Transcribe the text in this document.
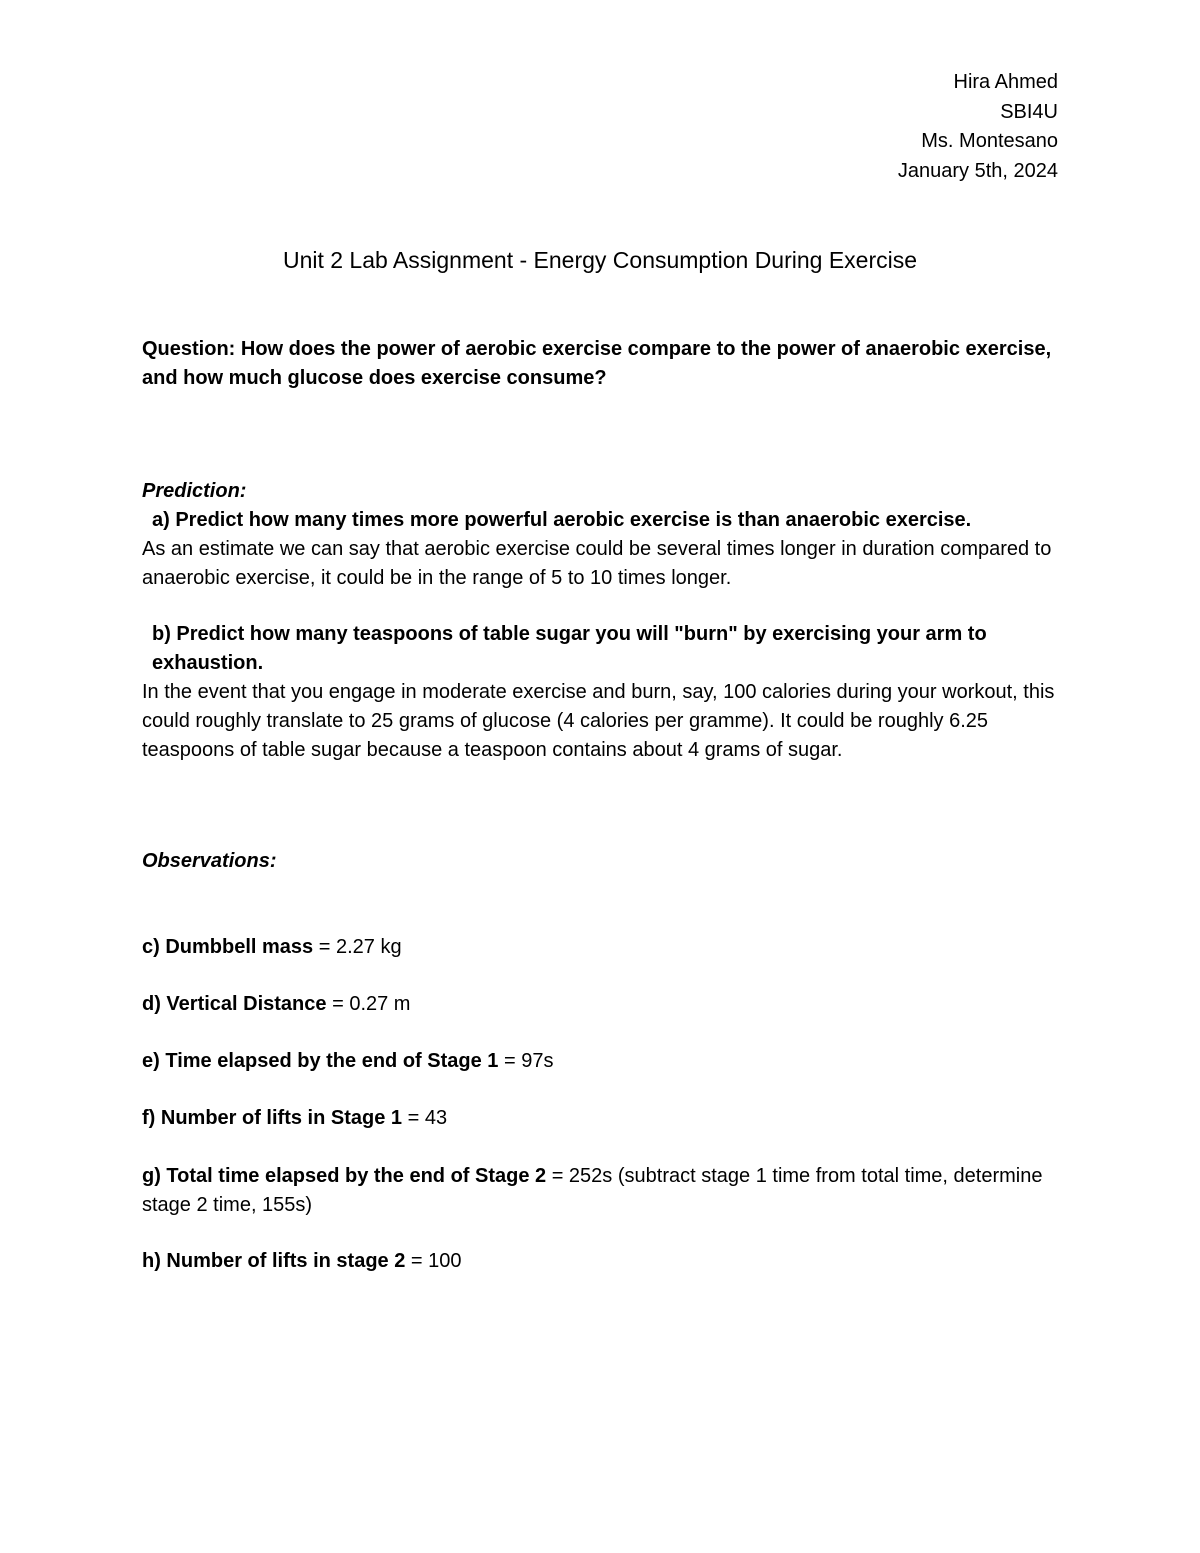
Hira Ahmed
SBI4U
Ms. Montesano
January 5th, 2024
Unit 2 Lab Assignment - Energy Consumption During Exercise
Question: How does the power of aerobic exercise compare to the power of anaerobic exercise, and how much glucose does exercise consume?
Prediction:
a) Predict how many times more powerful aerobic exercise is than anaerobic exercise.
As an estimate we can say that aerobic exercise could be several times longer in duration compared to anaerobic exercise, it could be in the range of 5 to 10 times longer.
b) Predict how many teaspoons of table sugar you will "burn" by exercising your arm to exhaustion.
In the event that you engage in moderate exercise and burn, say, 100 calories during your workout, this could roughly translate to 25 grams of glucose (4 calories per gramme). It could be roughly 6.25 teaspoons of table sugar because a teaspoon contains about 4 grams of sugar.
Observations:
c) Dumbbell mass = 2.27 kg
d) Vertical Distance = 0.27 m
e) Time elapsed by the end of Stage 1 = 97s
f) Number of lifts in Stage 1 = 43
g) Total time elapsed by the end of Stage 2 = 252s (subtract stage 1 time from total time, determine stage 2 time, 155s)
h) Number of lifts in stage 2 = 100
